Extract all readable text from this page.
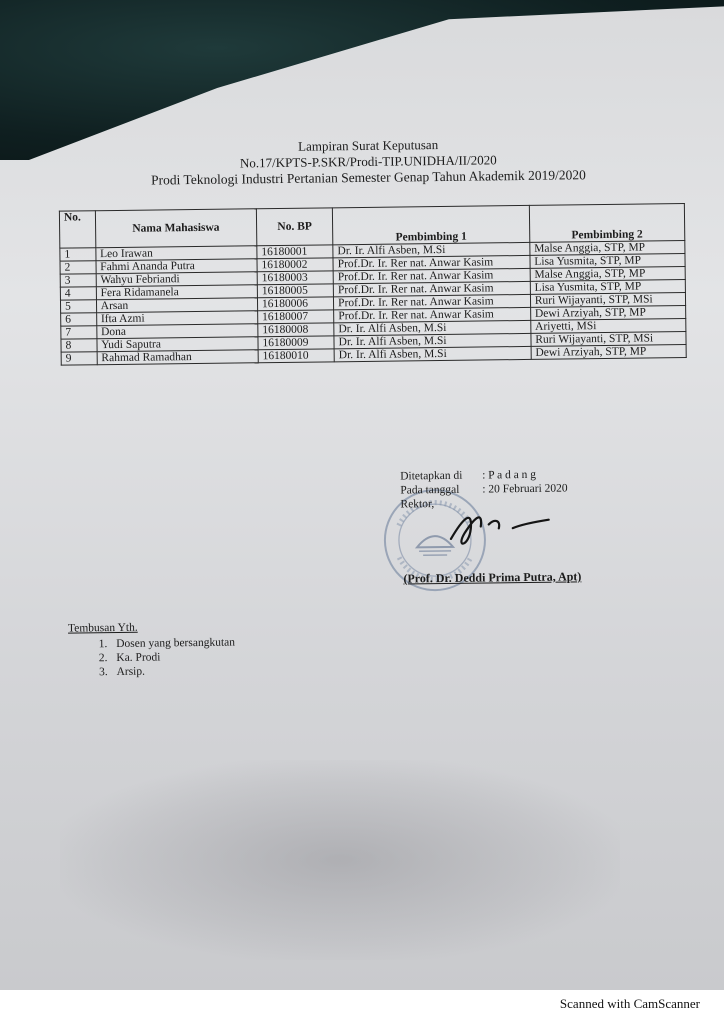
Lampiran Surat Keputusan
No.17/KPTS-P.SKR/Prodi-TIP.UNIDHA/II/2020
Prodi Teknologi Industri Pertanian Semester Genap Tahun Akademik 2019/2020
No.	Nama Mahasiswa	No. BP	Pembimbing 1	Pembimbing 2
1	Leo Irawan	16180001	Dr. Ir. Alfi Asben, M.Si	Malse Anggia, STP, MP
2	Fahmi Ananda Putra	16180002	Prof.Dr. Ir. Rer nat. Anwar Kasim	Lisa Yusmita, STP, MP
3	Wahyu Febriandi	16180003	Prof.Dr. Ir. Rer nat. Anwar Kasim	Malse Anggia, STP, MP
4	Fera Ridamanela	16180005	Prof.Dr. Ir. Rer nat. Anwar Kasim	Lisa Yusmita, STP, MP
5	Arsan	16180006	Prof.Dr. Ir. Rer nat. Anwar Kasim	Ruri Wijayanti, STP, MSi
6	Ifta Azmi	16180007	Prof.Dr. Ir. Rer nat. Anwar Kasim	Dewi Arziyah, STP, MP
7	Dona	16180008	Dr. Ir. Alfi Asben, M.Si	Ariyetti, MSi
8	Yudi Saputra	16180009	Dr. Ir. Alfi Asben, M.Si	Ruri Wijayanti, STP, MSi
9	Rahmad Ramadhan	16180010	Dr. Ir. Alfi Asben, M.Si	Dewi Arziyah, STP, MP
Ditetapkan di	: P a d a n g
Pada tanggal	: 20 Februari 2020
Rektor,
(Prof. Dr. Deddi Prima Putra, Apt)
Tembusan Yth.
1. Dosen yang bersangkutan
2. Ka. Prodi
3. Arsip.
Scanned with CamScanner
